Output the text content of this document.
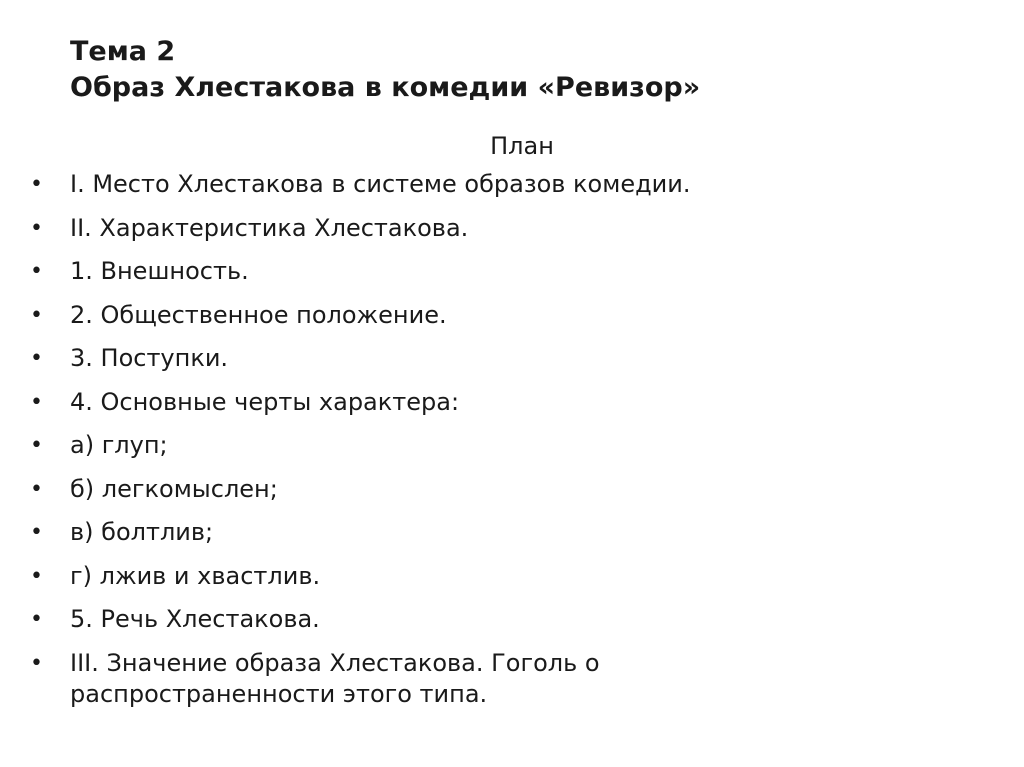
Тема 2
Образ Хлестакова в комедии «Ревизор»
План
• I. Место Хлестакова в системе образов комедии.
• II. Характеристика Хлестакова.
• 1. Внешность.
• 2. Общественное положение.
• 3. Поступки.
• 4. Основные черты характера:
• а) глуп;
• б) легкомыслен;
• в) болтлив;
• г) лжив и хвастлив.
• 5. Речь Хлестакова.
• III. Значение образа Хлестакова. Гоголь о распространенности этого типа.
